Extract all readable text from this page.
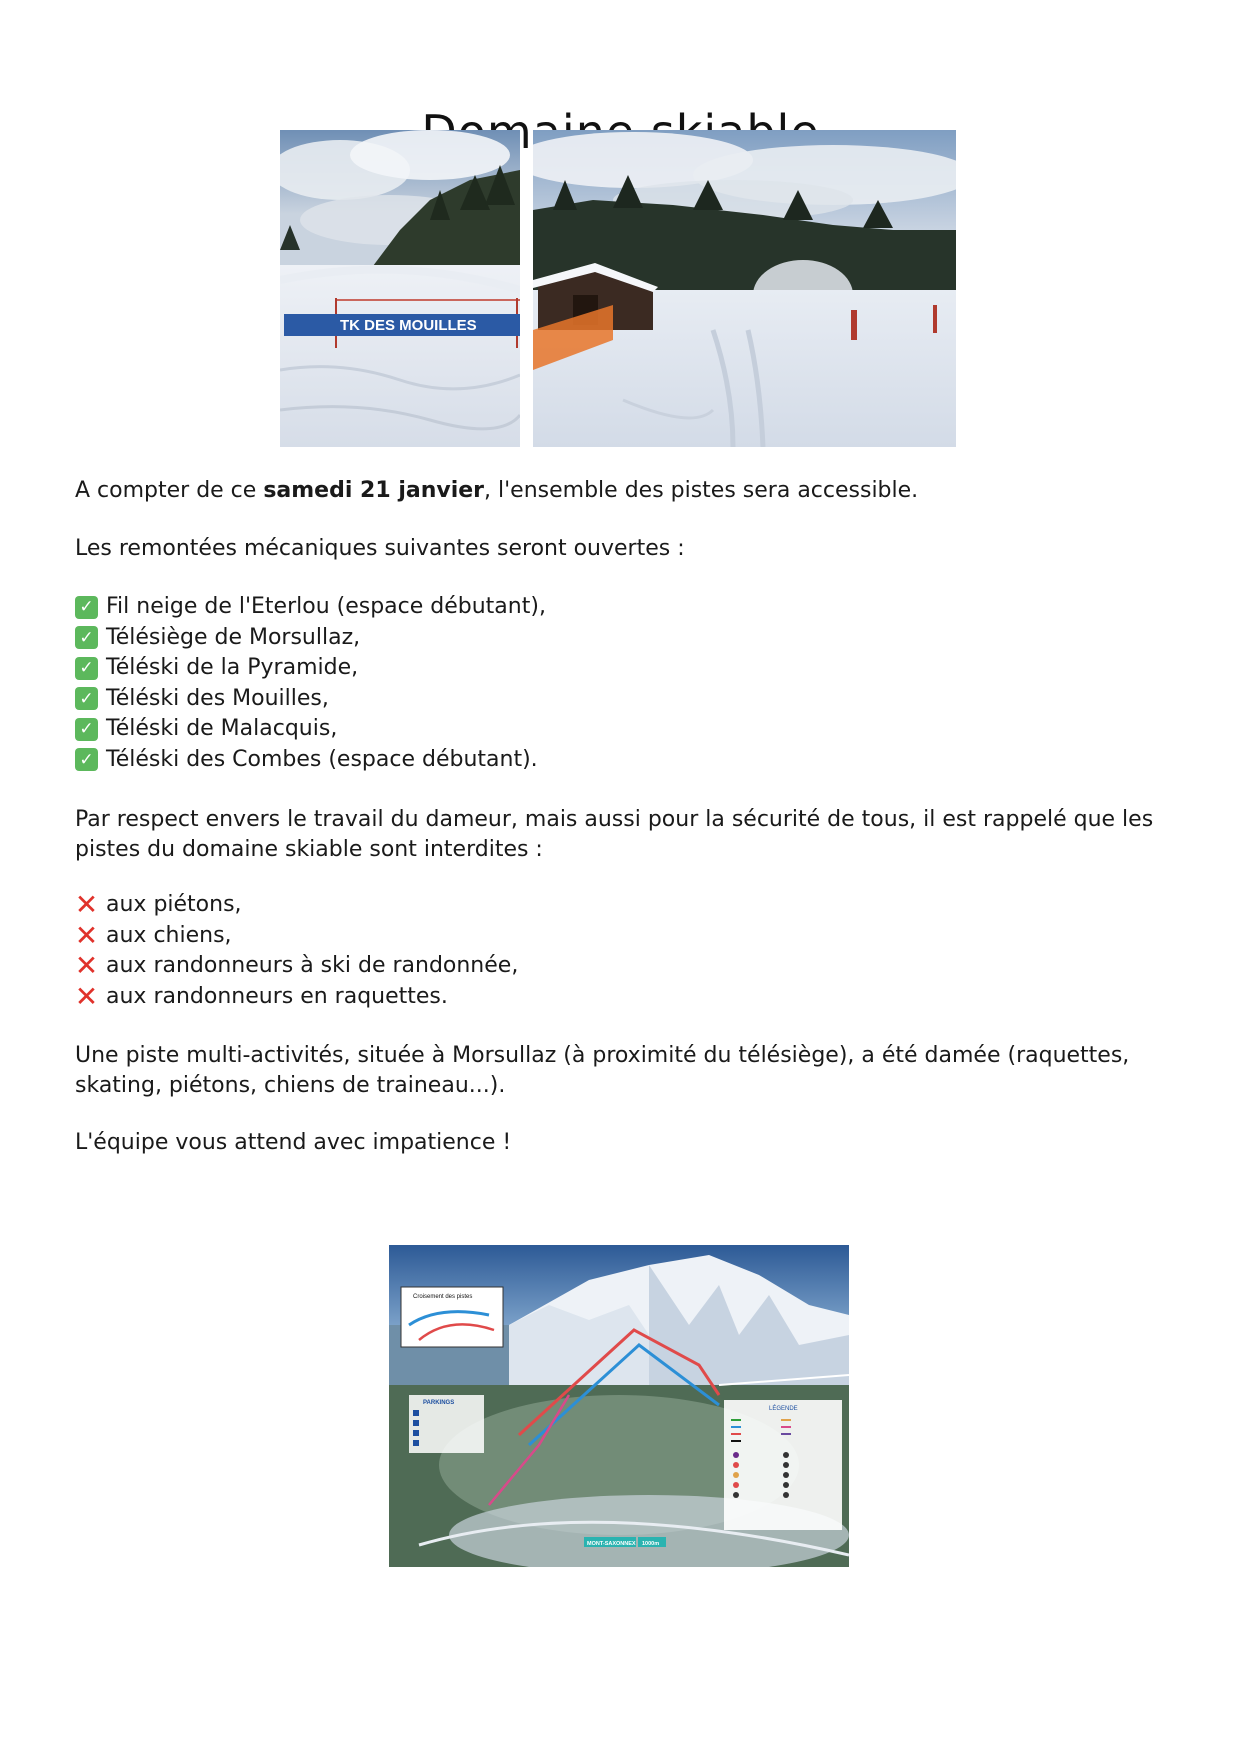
Domaine
TK DES MOUILLES

A compter de ce samedi 21 janvier, l'ensemble des pistes sera accessible.

Les remontées mécaniques suivantes seront ouvertes :

✓ Fil neige de l'Eterlou (espace débutant),
✓ Télésiège de Morsullaz,
✓ Téléski de la Pyramide,
✓ Téléski des Mouilles,
✓ Téléski de Malacquis,
✓ Téléski des Combes (espace débutant).

Par respect envers le travail du dameur, mais aussi pour la sécurité de tous, il est rappelé que les pistes du domaine skiable sont interdites :

✕ aux piétons,
✕ aux chiens,
✕ aux randonneurs à ski de randonnée,
✕ aux randonneurs en raquettes.

Une piste multi-activités, située à Morsullaz (à proximité du télésiège), a été damée (raquettes, skating, piétons, chiens de traineau...).

L'équipe vous attend avec impatience !

Croisement des pistes
PARKINGS
LÉGENDE
MONT-SAXONNEX 1000m
